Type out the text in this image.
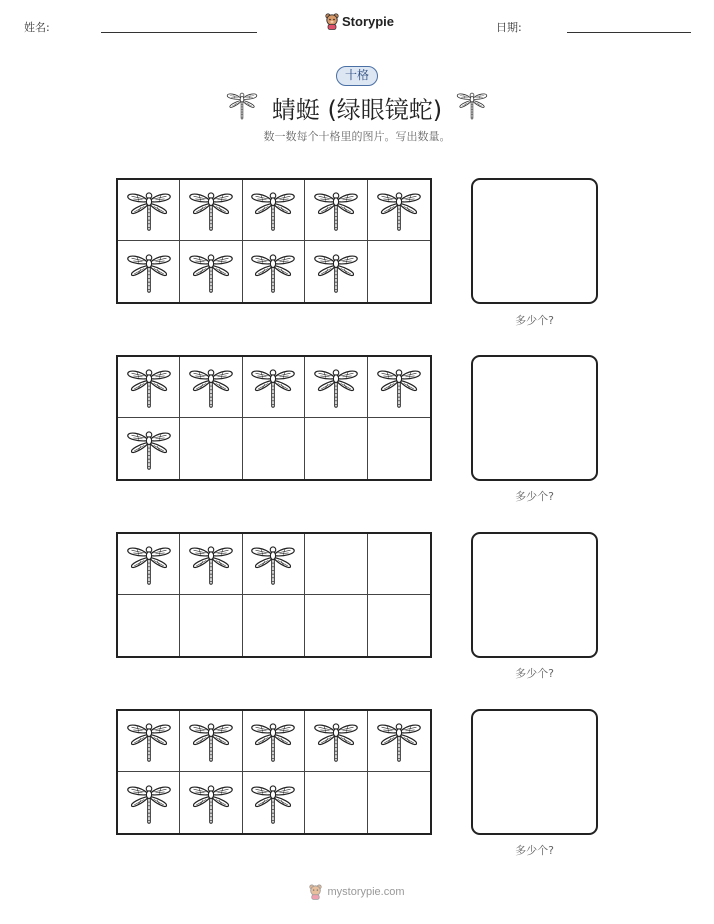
姓名:	Storypie	日期:
十格
蜻蜓 (绿眼镜蛇)
数一数每个十格里的图片。写出数量。
多少个?
多少个?
多少个?
多少个?
mystorypie.com
